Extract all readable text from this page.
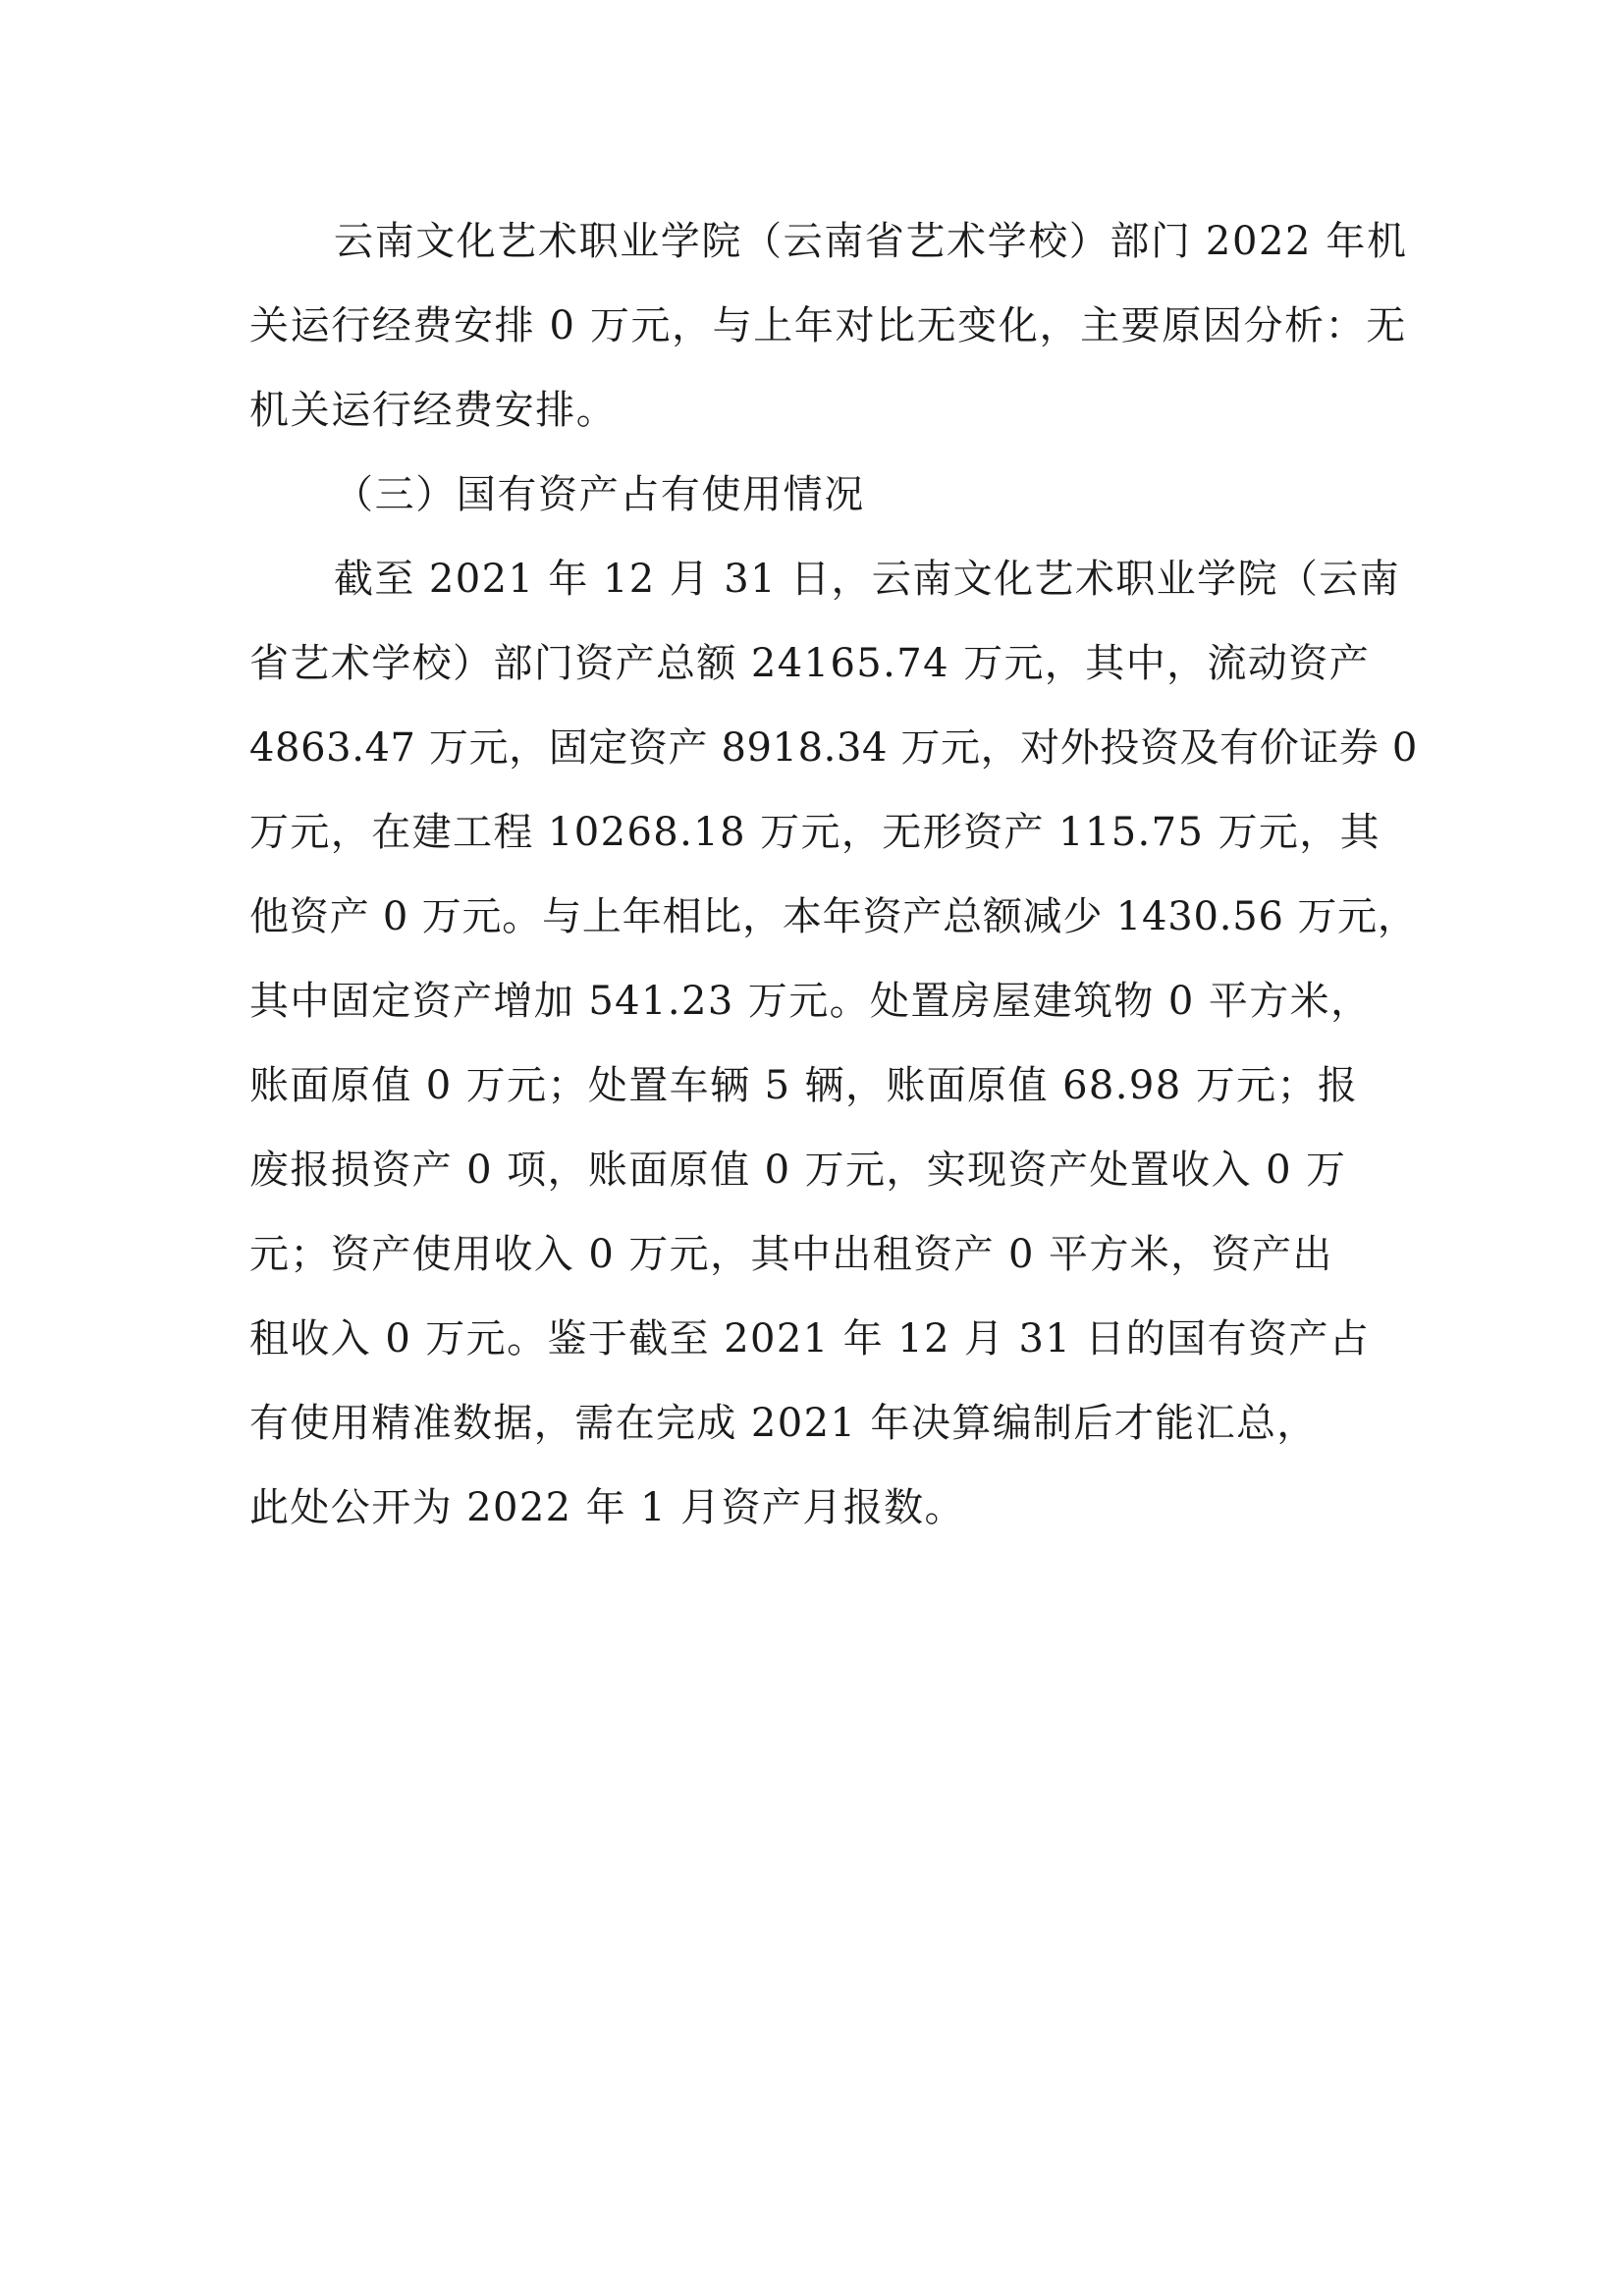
云南文化艺术职业学院（云南省艺术学校）部门 2022 年机
关运行经费安排 0 万元，与上年对比无变化，主要原因分析：无
机关运行经费安排。
（三）国有资产占有使用情况
截至 2021 年 12 月 31 日，云南文化艺术职业学院（云南
省艺术学校）部门资产总额 24165.74 万元，其中，流动资产
4863.47 万元，固定资产 8918.34 万元，对外投资及有价证券 0
万元，在建工程 10268.18 万元，无形资产 115.75 万元，其
他资产 0 万元。与上年相比，本年资产总额减少 1430.56 万元，
其中固定资产增加 541.23 万元。处置房屋建筑物 0 平方米，
账面原值 0 万元；处置车辆 5 辆，账面原值 68.98 万元；报
废报损资产 0 项，账面原值 0 万元，实现资产处置收入 0 万
元；资产使用收入 0 万元，其中出租资产 0 平方米，资产出
租收入 0 万元。鉴于截至 2021 年 12 月 31 日的国有资产占
有使用精准数据，需在完成 2021 年决算编制后才能汇总，
此处公开为 2022 年 1 月资产月报数。
